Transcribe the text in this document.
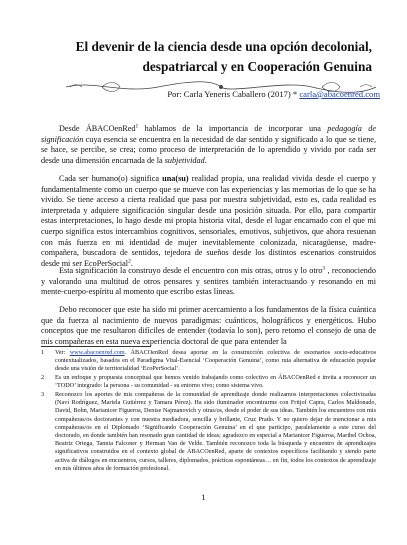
El devenir de la ciencia desde una opción decolonial,
despatriarcal y en Cooperación Genuina
Por: Carla Yeneris Caballero (2017) * carla@abacoenred.com

Desde ÁBACOenRed$^1$ hablamos de la importancia de incorporar una pedagogía de significación cuya esencia se encuentra en la necesidad de dar sentido y significado a lo que se tiene, se hace, se percibe, se crea; como proceso de interpretación de lo aprendido y vivido por cada ser desde una dimensión encarnada de la subjetividad.

Cada ser humano(o) significa una(su) realidad propia, una realidad vivida desde el cuerpo y fundamentalmente como un cuerpo que se mueve con las experiencias y las memorias de lo que se ha vivido. Se tiene acceso a cierta realidad que pasa por nuestra subjetividad, esto es, cada realidad es interpretada y adquiere significación singular desde una posición situada. Por ello, para compartir estas interpretaciones, lo hago desde mi propia historia vital, desde el lugar encarnado con el que mi cuerpo significa estos intercambios cognitivos, sensoriales, emotivos, subjetivos, que ahora resuenan con más fuerza en mi identidad de mujer inevitablemente colonizada, nicaragüense, madre-compañera, buscadora de sentidos, tejedora de sueños desde los distintos escenarios construidos desde mi ser EcoPerSocial$^2$.

Esta significación la construyo desde el encuentro con mis otras, otros y lo otro$^3$ , reconociendo y valorando una multitud de otros pensares y sentires también interactuando y resonando en mi mente-cuerpo-espíritu al momento que escribo estas líneas.

Debo reconocer que este ha sido mi primer acercamiento a los fundamentos de la física cuántica que da fuerza al nacimiento de nuevos paradigmas: cuánticos, holográficos y energéticos. Hubo conceptos que me resultaron difíciles de entender (todavía lo son), pero retomo el consejo de una de mis compañeras en esta nueva experiencia doctoral de que para entender la

1	Ver: www.abacoenred.com. ÁBACOenRed desea aportar en la construcción colectiva de escenarios socio-educativos contextualizados, basados en el Paradigma Vital-Esencial ‘Cooperación Genuina’, como ruta alternativa de educación popular desde una visión de territorialidad ‘EcoPerSocial’.
2	Es un enfoque y propuesta conceptual que hemos venido trabajando como colectivo en ÁBACOenRed e invita a reconocer un ‘TODO’ integrado: la persona - su comunidad - su entorno vivo; como sistema vivo.
3	Reconozco los aportes de mis compañeras de la comunidad de aprendizaje donde realizamos interpretaciones colectivizadas (Naví Rodríguez, Mariela Gutiérrez y Tamara Pérez). Ha sido iluminador encontrarme con Fritjof Capra, Carlos Maldonado, David, Bohn, Marianicer Figueroa, Denise Najmanovich y otras/os, desde el poder de sus ideas. También los encuentros con mis compañeras/os doctorantes y con nuestra mediadora, sencilla y brillante, Cruz Prado. Y no quiero dejar de mencionar a mis compañeras/os en el Diplomado ‘Significando Cooperación Genuina’ en el que participo, paralelamente a este curso del doctorado, en donde también han resonado gran cantidad de ideas; agradezco en especial a Marianicer Figueroa, Maribel Ochoa, Beatriz Ortega, Tannia Falconer y Herman Van de Velde. También reconozco toda la búsqueda y encuentro de aprendizajes significativos construidos en el contexto global de ÁBACOenRed, aparte de contextos específicos facilitando y siendo parte activa de diálogos en encuentros, cursos, talleres, diplomados, prácticas espontáneas… en fin, todos los contextos de aprendizaje en mis últimos años de formación profesional.
1
